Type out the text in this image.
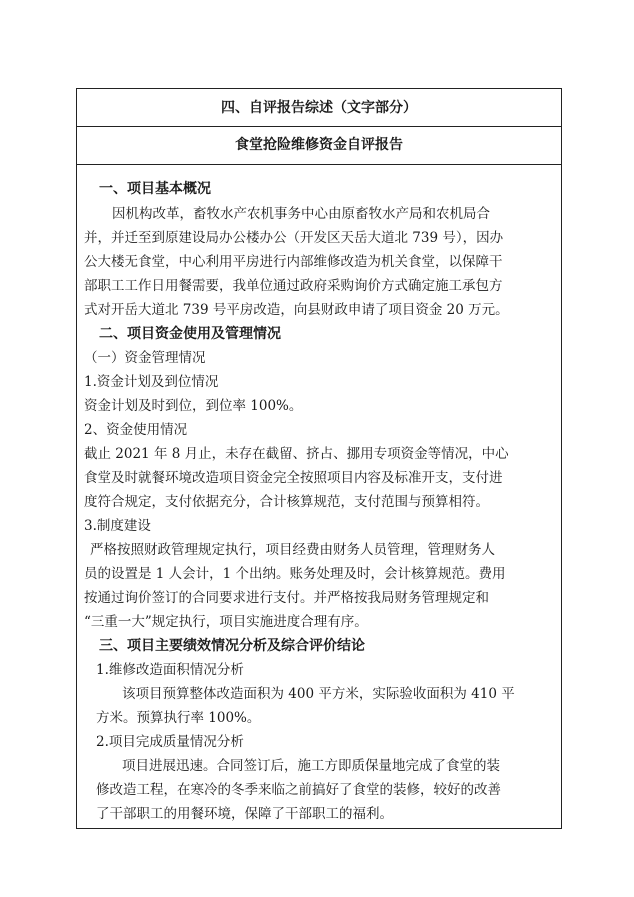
四、自评报告综述（文字部分）
食堂抢险维修资金自评报告
一、项目基本概况
因机构改革，畜牧水产农机事务中心由原畜牧水产局和农机局合
并，并迁至到原建设局办公楼办公（开发区天岳大道北 739 号），因办
公大楼无食堂，中心利用平房进行内部维修改造为机关食堂，以保障干
部职工工作日用餐需要，我单位通过政府采购询价方式确定施工承包方
式对开岳大道北 739 号平房改造，向县财政申请了项目资金 20 万元。
二、项目资金使用及管理情况
（一）资金管理情况
1.资金计划及到位情况
资金计划及时到位，到位率 100%。
2、资金使用情况
截止 2021 年 8 月止，未存在截留、挤占、挪用专项资金等情况，中心
食堂及时就餐环境改造项目资金完全按照项目内容及标准开支，支付进
度符合规定，支付依据充分，合计核算规范，支付范围与预算相符。
3.制度建设
严格按照财政管理规定执行，项目经费由财务人员管理，管理财务人
员的设置是 1 人会计，1 个出纳。账务处理及时，会计核算规范。费用
按通过询价签订的合同要求进行支付。并严格按我局财务管理规定和
“三重一大”规定执行，项目实施进度合理有序。
三、项目主要绩效情况分析及综合评价结论
1.维修改造面积情况分析
该项目预算整体改造面积为 400 平方米，实际验收面积为 410 平
方米。预算执行率 100%。
2.项目完成质量情况分析
项目进展迅速。合同签订后，施工方即质保量地完成了食堂的装
修改造工程，在寒冷的冬季来临之前搞好了食堂的装修，较好的改善
了干部职工的用餐环境，保障了干部职工的福利。
